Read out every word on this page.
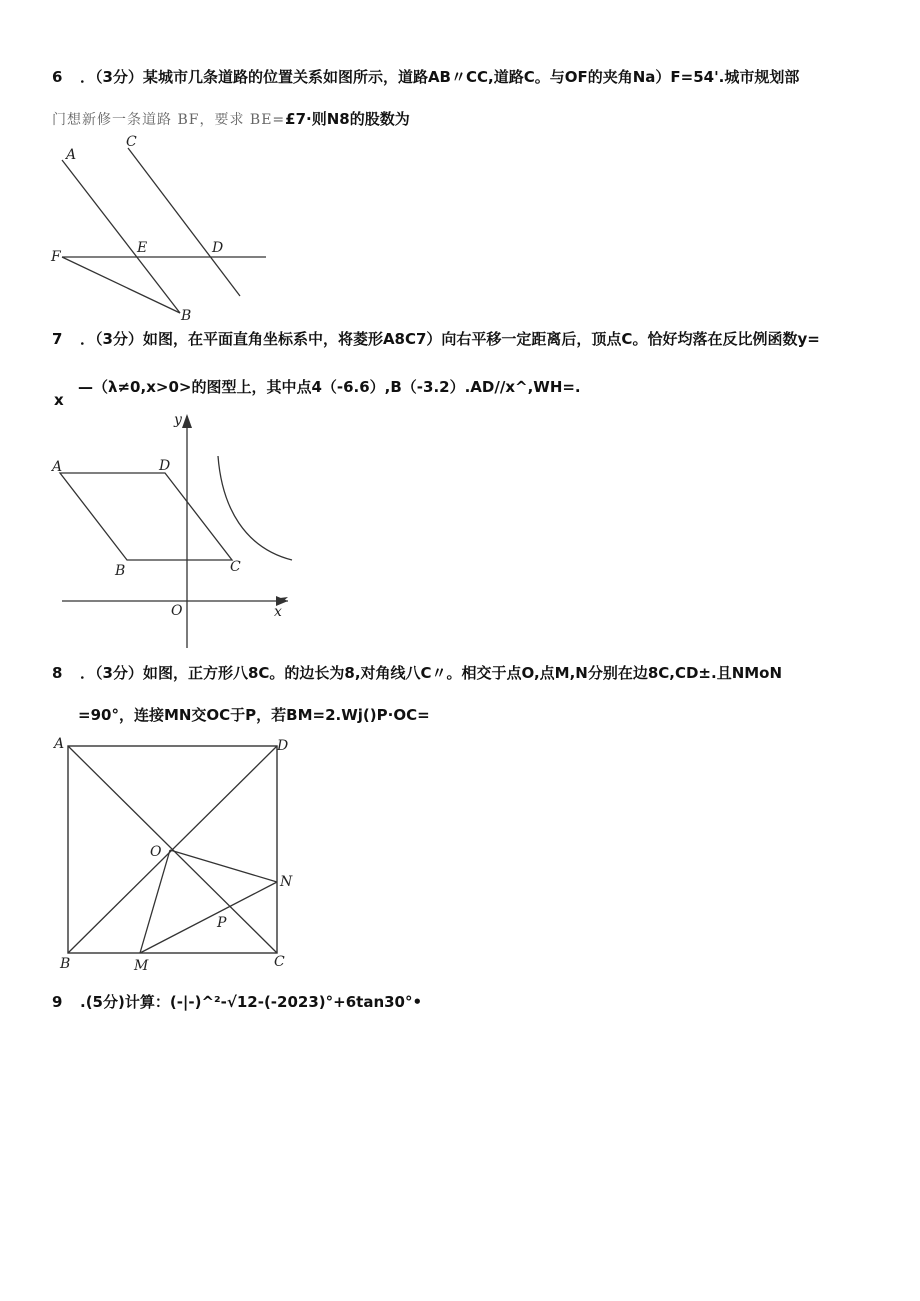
6 ．（3分）某城市几条道路的位置关系如图所示，道路AB〃CC,道路C。与OF的夹角Na）F=54'.城市规划部
门想新修一条道路 BF，要求 BE=£7·则N8的股数为
A
C
F
E	D
B
7 ．（3分）如图，在平面直角坐标系中，将菱形A8C7）向右平移一定距离后，顶点C。恰好均落在反比例函数y=
—（λ≠0,x>0>的图型上，其中点4（-6.6）,B（-3.2）.AD//x^,WH=.
x
A	D
B	C
O	x
y
8 ．（3分）如图，正方形八8C。的边长为8,对角线八C〃。相交于点O,点M,N分别在边8C,CD±.且NMoN
=90°，连接MN交OC于P，若BM=2.Wj()P·OC=
A	D
O
N
P
B	M	C
9 .(5分)计算：(-|-)^²-√12-(-2023)°+6tan30°•
